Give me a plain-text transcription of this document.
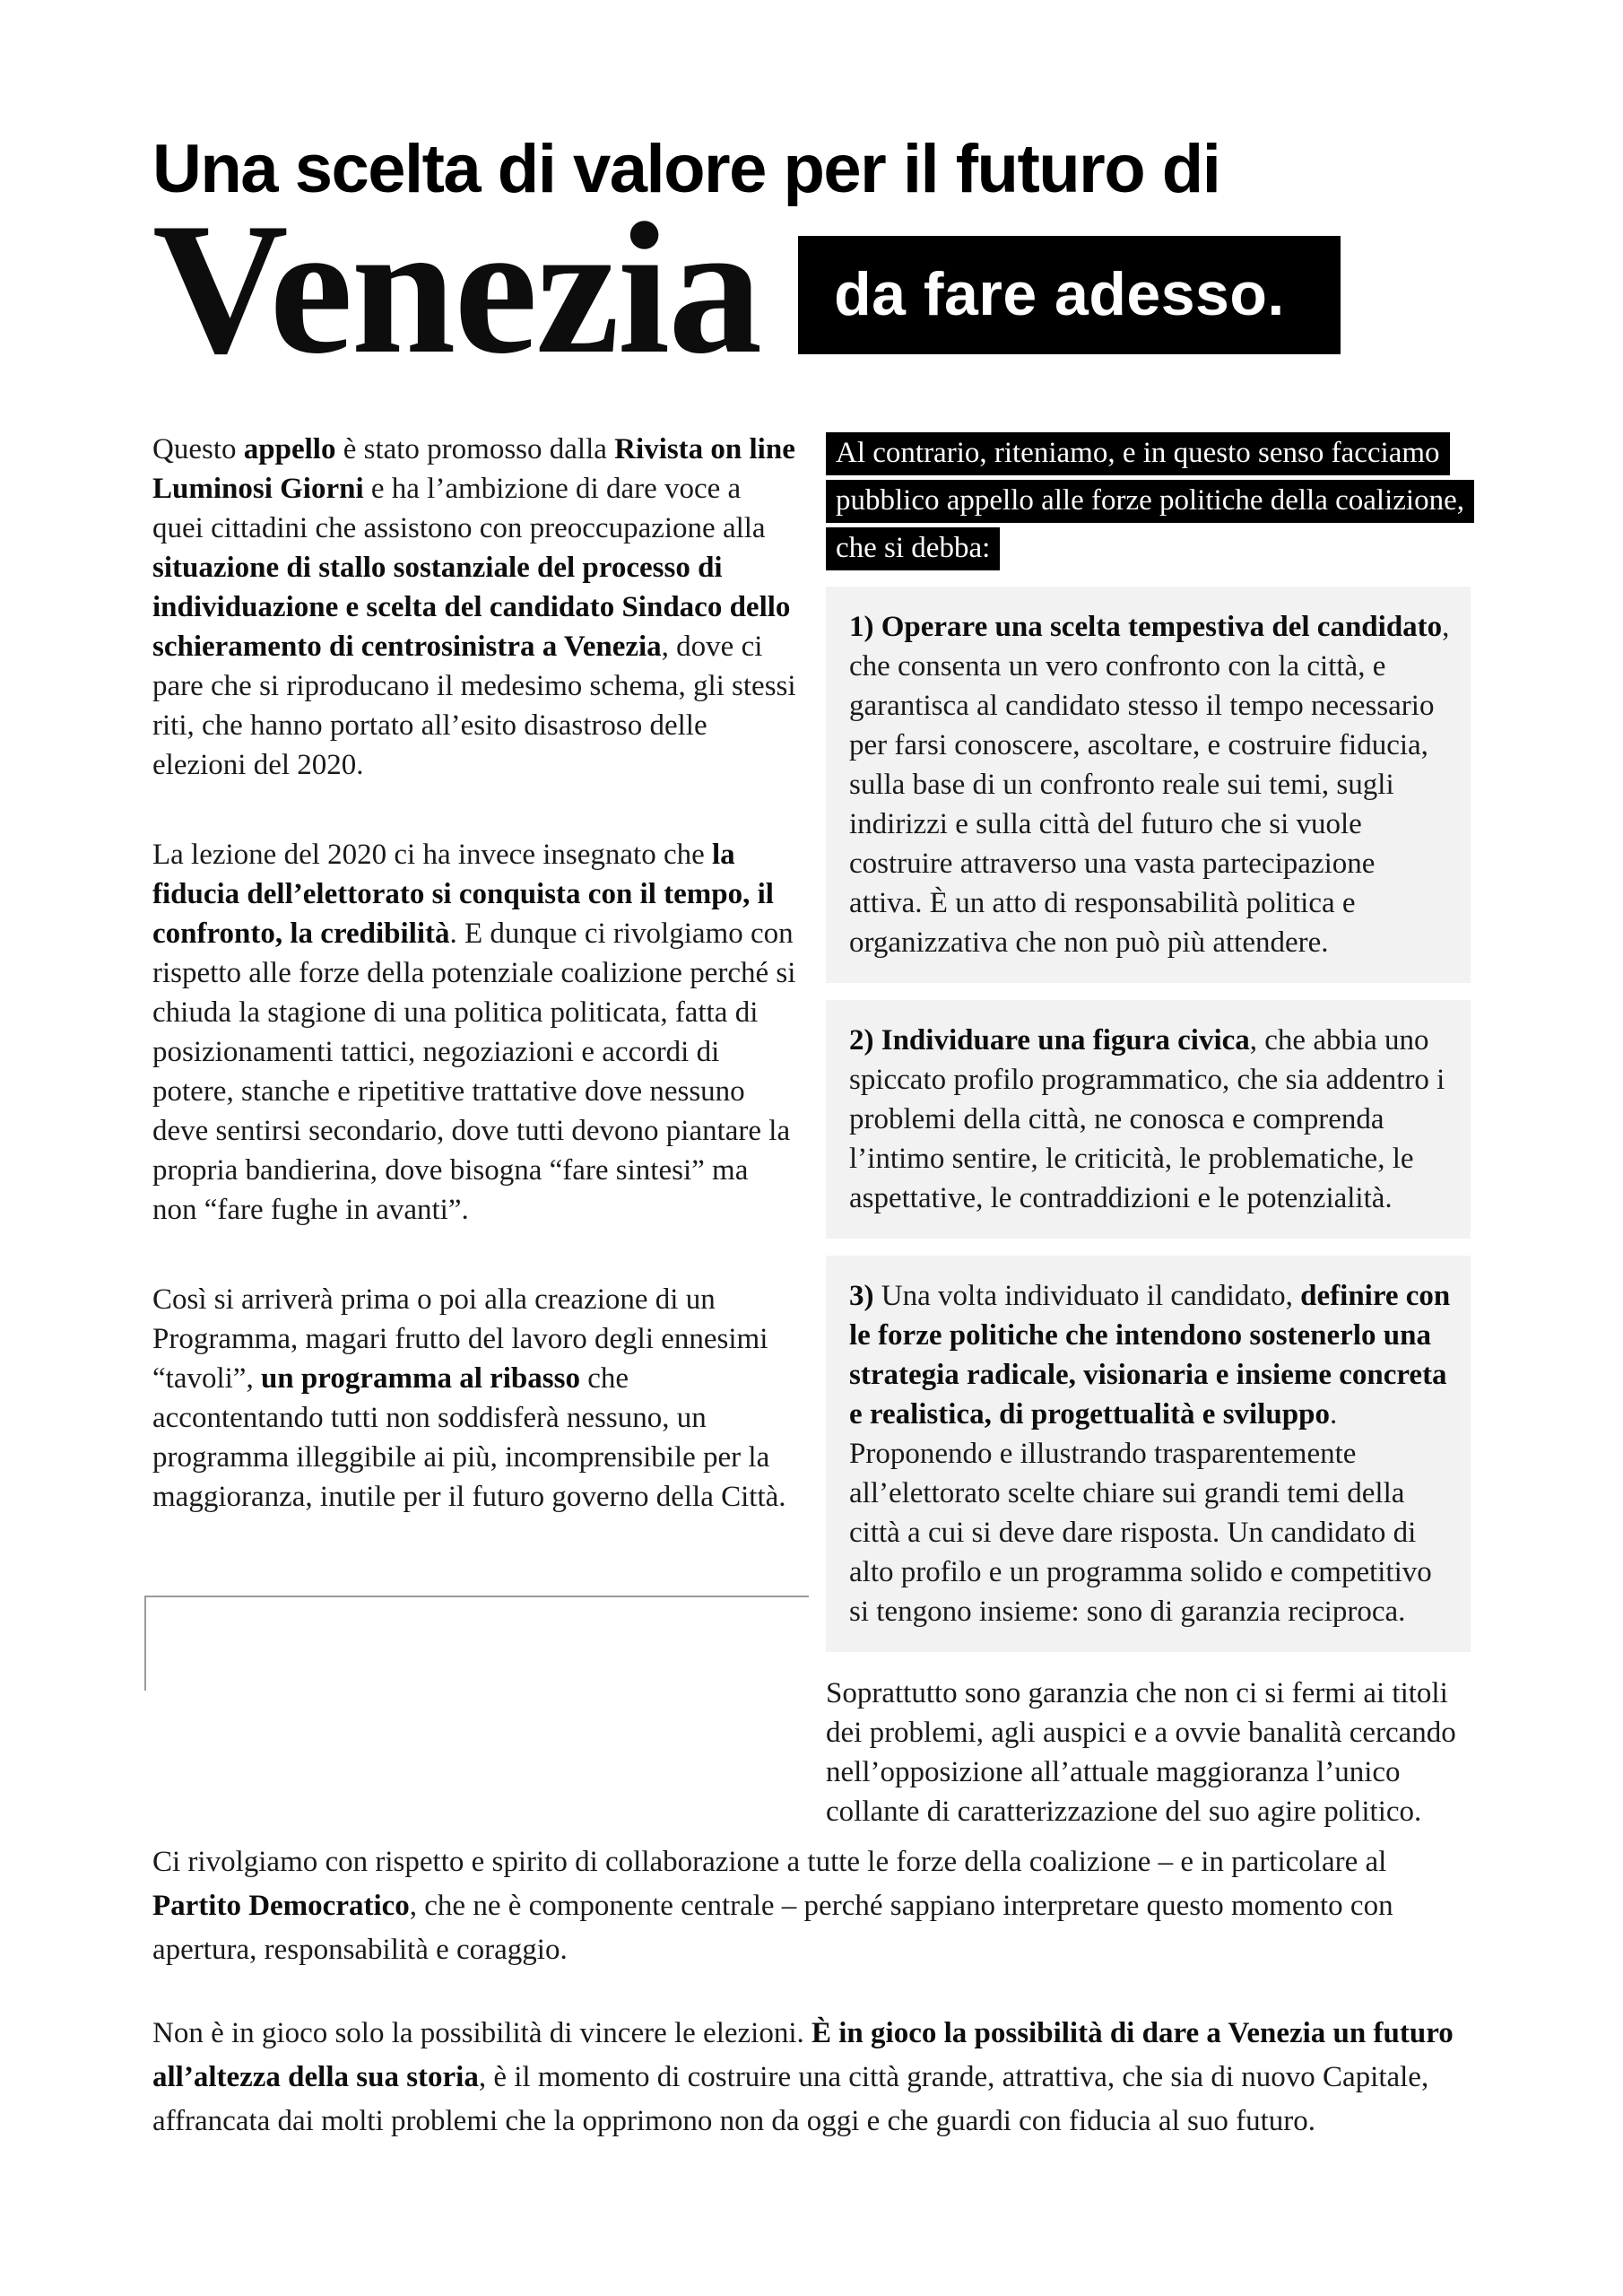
Una scelta di valore per il futuro di
Venezia	da fare adesso.

Questo appello è stato promosso dalla Rivista on line Luminosi Giorni e ha l’ambizione di dare voce a quei cittadini che assistono con preoccupazione alla situazione di stallo sostanziale del processo di individuazione e scelta del candidato Sindaco dello schieramento di centrosinistra a Venezia, dove ci pare che si riproducano il medesimo schema, gli stessi riti, che hanno portato all’esito disastroso delle elezioni del 2020.

La lezione del 2020 ci ha invece insegnato che la fiducia dell’elettorato si conquista con il tempo, il confronto, la credibilità. E dunque ci rivolgiamo con rispetto alle forze della potenziale coalizione perché si chiuda la stagione di una politica politicata, fatta di posizionamenti tattici, negoziazioni e accordi di potere, stanche e ripetitive trattative dove nessuno deve sentirsi secondario, dove tutti devono piantare la propria bandierina, dove bisogna “fare sintesi” ma non “fare fughe in avanti”.

Così si arriverà prima o poi alla creazione di un Programma, magari frutto del lavoro degli ennesimi “tavoli”, un programma al ribasso che accontentando tutti non soddisferà nessuno, un programma illeggibile ai più, incomprensibile per la maggioranza, inutile per il futuro governo della Città.

Al contrario, riteniamo, e in questo senso facciamo pubblico appello alle forze politiche della coalizione, che si debba:

1) Operare una scelta tempestiva del candidato, che consenta un vero confronto con la città, e garantisca al candidato stesso il tempo necessario per farsi conoscere, ascoltare, e costruire fiducia, sulla base di un confronto reale sui temi, sugli indirizzi e sulla città del futuro che si vuole costruire attraverso una vasta partecipazione attiva. È un atto di responsabilità politica e organizzativa che non può più attendere.

2) Individuare una figura civica, che abbia uno spiccato profilo programmatico, che sia addentro i problemi della città, ne conosca e comprenda l’intimo sentire, le criticità, le problematiche, le aspettative, le contraddizioni e le potenzialità.

3) Una volta individuato il candidato, definire con le forze politiche che intendono sostenerlo una strategia radicale, visionaria e insieme concreta e realistica, di progettualità e sviluppo. Proponendo e illustrando trasparentemente all’elettorato scelte chiare sui grandi temi della città a cui si deve dare risposta. Un candidato di alto profilo e un programma solido e competitivo si tengono insieme: sono di garanzia reciproca.

Soprattutto sono garanzia che non ci si fermi ai titoli dei problemi, agli auspici e a ovvie banalità cercando nell’opposizione all’attuale maggioranza l’unico collante di caratterizzazione del suo agire politico.

Ci rivolgiamo con rispetto e spirito di collaborazione a tutte le forze della coalizione – e in particolare al Partito Democratico, che ne è componente centrale – perché sappiano interpretare questo momento con apertura, responsabilità e coraggio.

Non è in gioco solo la possibilità di vincere le elezioni. È in gioco la possibilità di dare a Venezia un futuro all’altezza della sua storia, è il momento di costruire una città grande, attrattiva, che sia di nuovo Capitale, affrancata dai molti problemi che la opprimono non da oggi e che guardi con fiducia al suo futuro.
